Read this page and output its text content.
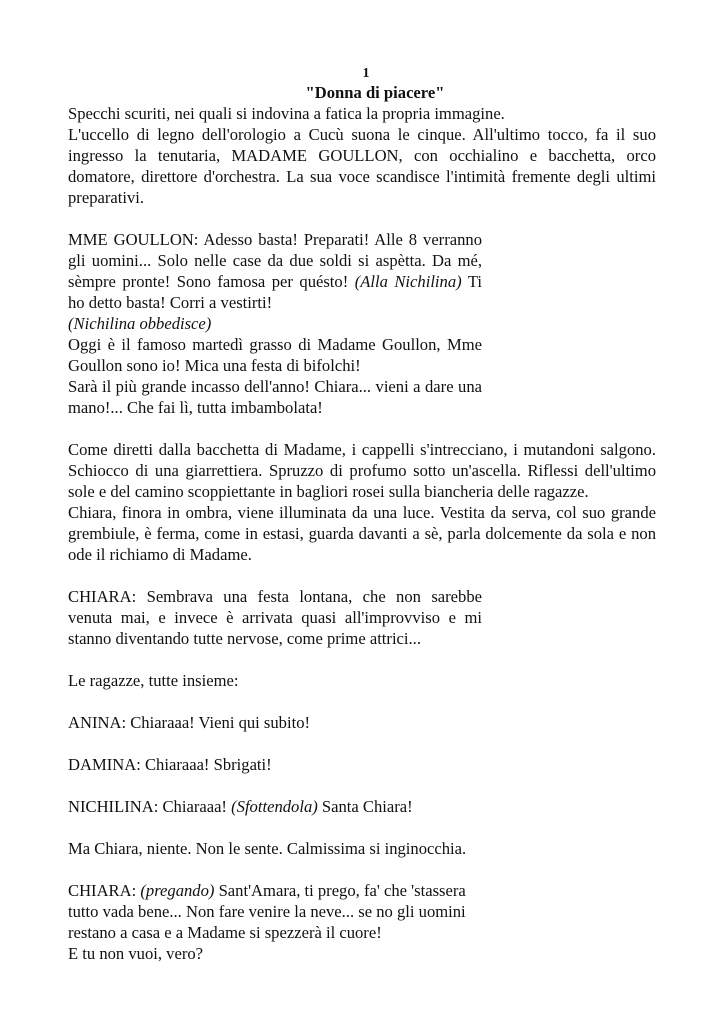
1

"Donna di piacere"

Specchi scuriti, nei quali si indovina a fatica la propria immagine.

L'uccello di legno dell'orologio a Cucù suona le cinque. All'ultimo tocco, fa il suo ingresso la tenutaria, MADAME GOULLON, con occhialino e bacchetta, orco domatore, direttore d'orchestra. La sua voce scandisce l'intimità fremente degli ultimi preparativi.

MME GOULLON: Adesso basta! Preparati! Alle 8 verranno gli uomini... Solo nelle case da due soldi si aspètta. Da mé, sèmpre pronte! Sono famosa per quésto! (Alla Nichilina) Ti ho detto basta! Corri a vestirti!
(Nichilina obbedisce)

Oggi è il famoso martedì grasso di Madame Goullon, Mme Goullon sono io! Mica una festa di bifolchi!

Sarà il più grande incasso dell'anno! Chiara... vieni a dare una mano!... Che fai lì, tutta imbambolata!

Come diretti dalla bacchetta di Madame, i cappelli s'intrecciano, i mutandoni salgono. Schiocco di una giarrettiera. Spruzzo di profumo sotto un'ascella. Riflessi dell'ultimo sole e del camino scoppiettante in bagliori rosei sulla biancheria delle ragazze.

Chiara, finora in ombra, viene illuminata da una luce. Vestita da serva, col suo grande grembiule, è ferma, come in estasi, guarda davanti a sè, parla dolcemente da sola e non ode il richiamo di Madame.

CHIARA: Sembrava una festa lontana, che non sarebbe venuta mai, e invece è arrivata quasi all'improvviso e mi stanno diventando tutte nervose, come prime attrici...

Le ragazze, tutte insieme:

ANINA: Chiaraaa! Vieni qui subito!

DAMINA: Chiaraaa! Sbrigati!

NICHILINA: Chiaraaa! (Sfottendola) Santa Chiara!

Ma Chiara, niente. Non le sente. Calmissima si inginocchia.

CHIARA: (pregando) Sant'Amara, ti prego, fa' che 'stassera

tutto vada bene... Non fare venire la neve... se no gli uomini

restano a casa e a Madame si spezzerà il cuore!

E tu non vuoi, vero?
